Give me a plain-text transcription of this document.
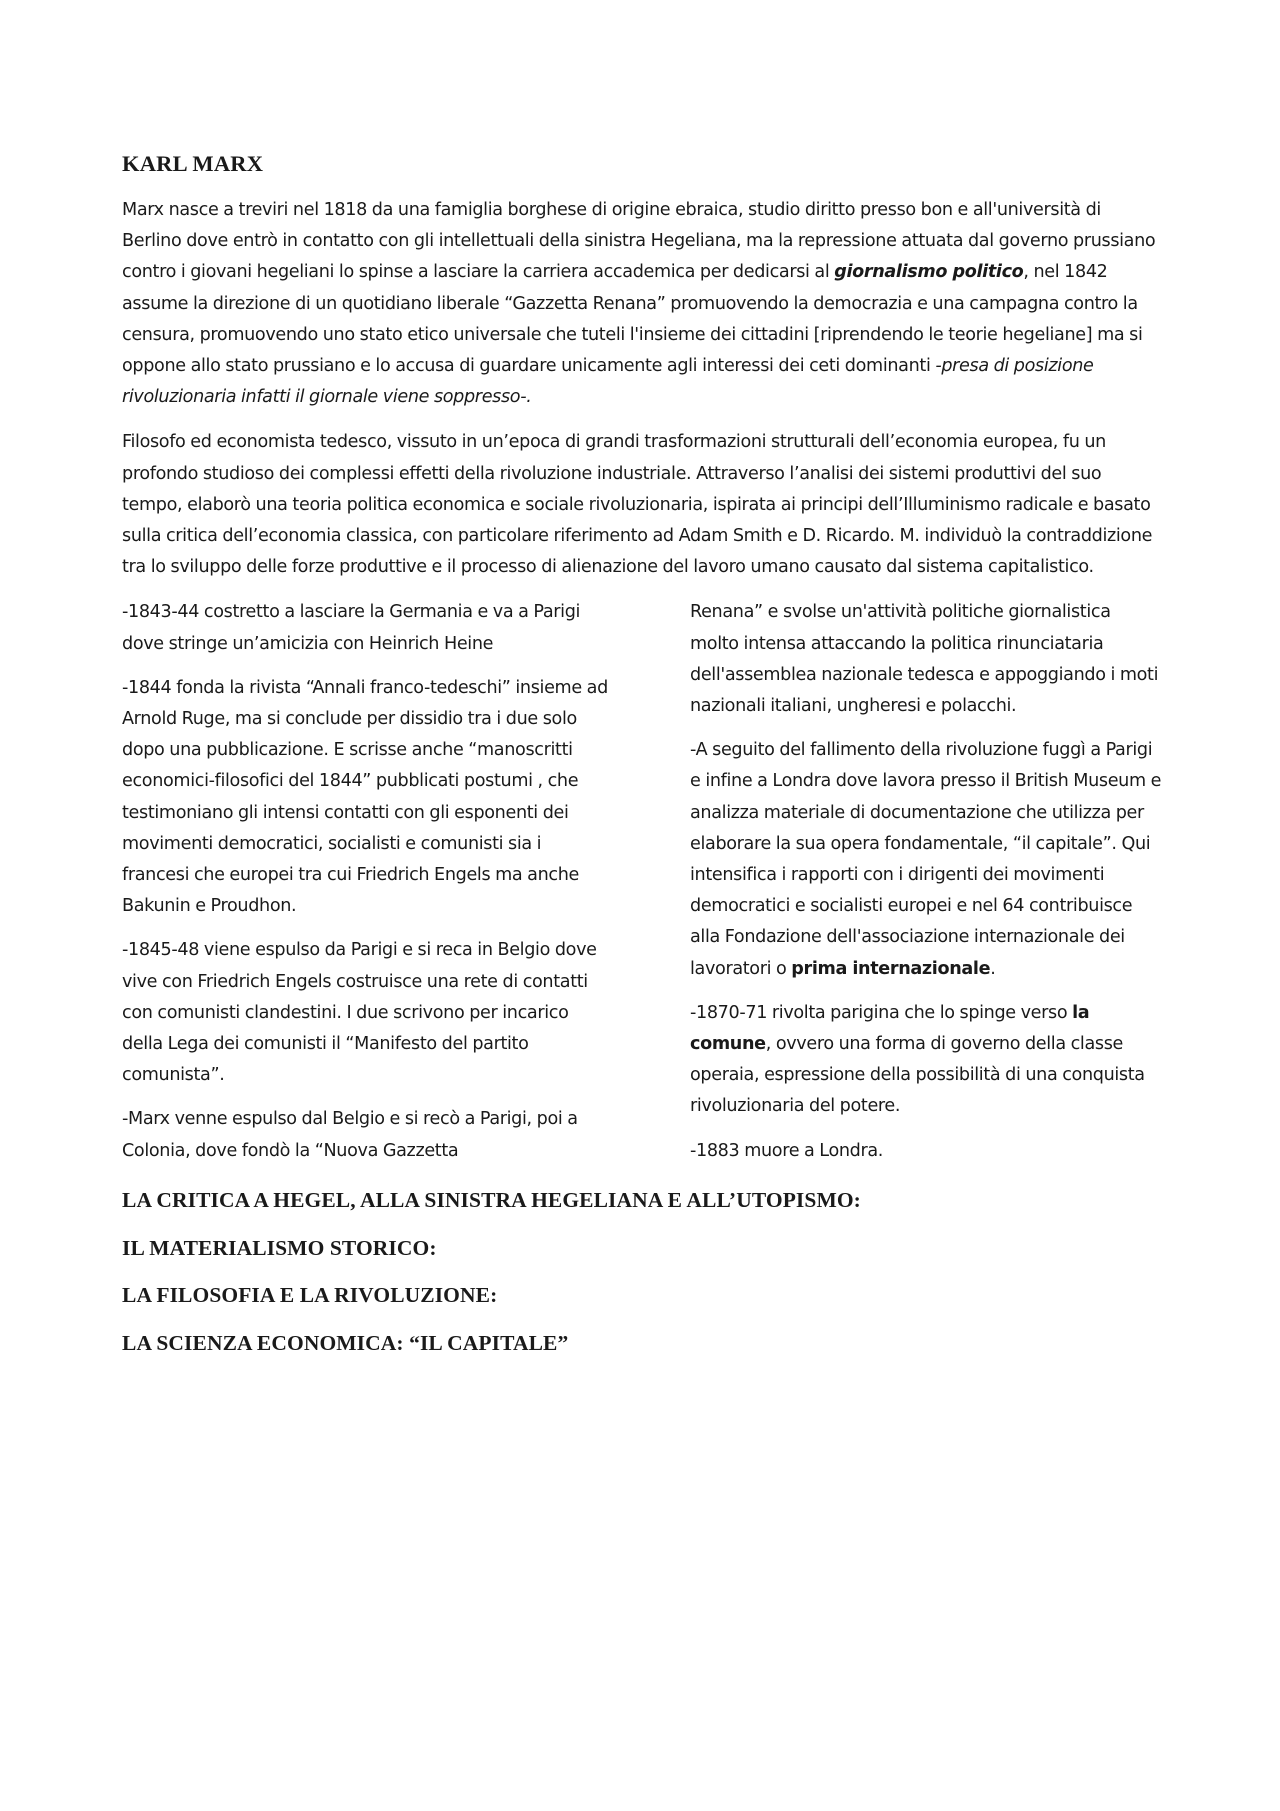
KARL MARX

Marx nasce a treviri nel 1818 da una famiglia borghese di origine ebraica, studio diritto presso bon e all'università di Berlino dove entrò in contatto con gli intellettuali della sinistra Hegeliana, ma la repressione attuata dal governo prussiano contro i giovani hegeliani lo spinse a lasciare la carriera accademica per dedicarsi al giornalismo politico, nel 1842 assume la direzione di un quotidiano liberale “Gazzetta Renana” promuovendo la democrazia e una campagna contro la censura, promuovendo uno stato etico universale che tuteli l'insieme dei cittadini [riprendendo le teorie hegeliane] ma si oppone allo stato prussiano e lo accusa di guardare unicamente agli interessi dei ceti dominanti -presa di posizione rivoluzionaria infatti il giornale viene soppresso-.

Filosofo ed economista tedesco, vissuto in un’epoca di grandi trasformazioni strutturali dell’economia europea, fu un profondo studioso dei complessi effetti della rivoluzione industriale. Attraverso l’analisi dei sistemi produttivi del suo tempo, elaborò una teoria politica economica e sociale rivoluzionaria, ispirata ai principi dell’Illuminismo radicale e basato sulla critica dell’economia classica, con particolare riferimento ad Adam Smith e D. Ricardo. M. individuò la contraddizione tra lo sviluppo delle forze produttive e il processo di alienazione del lavoro umano causato dal sistema capitalistico.

-1843-44 costretto a lasciare la Germania e va a Parigi dove stringe un’amicizia con Heinrich Heine

-1844 fonda la rivista “Annali franco-tedeschi” insieme ad Arnold Ruge, ma si conclude per dissidio tra i due solo dopo una pubblicazione. E scrisse anche “manoscritti economici-filosofici del 1844” pubblicati postumi , che testimoniano gli intensi contatti con gli esponenti dei movimenti democratici, socialisti e comunisti sia i francesi che europei tra cui Friedrich Engels ma anche Bakunin e Proudhon.

-1845-48 viene espulso da Parigi e si reca in Belgio dove vive con Friedrich Engels costruisce una rete di contatti con comunisti clandestini. I due scrivono per incarico della Lega dei comunisti il “Manifesto del partito comunista”.

-Marx venne espulso dal Belgio e si recò a Parigi, poi a Colonia, dove fondò la “Nuova Gazzetta

Renana” e svolse un'attività politiche giornalistica molto intensa attaccando la politica rinunciataria dell'assemblea nazionale tedesca e appoggiando i moti nazionali italiani, ungheresi e polacchi.

-A seguito del fallimento della rivoluzione fuggì a Parigi e infine a Londra dove lavora presso il British Museum e analizza materiale di documentazione che utilizza per elaborare la sua opera fondamentale, “il capitale”. Qui intensifica i rapporti con i dirigenti dei movimenti democratici e socialisti europei e nel 64 contribuisce alla Fondazione dell'associazione internazionale dei lavoratori o prima internazionale.

-1870-71 rivolta parigina che lo spinge verso la comune, ovvero una forma di governo della classe operaia, espressione della possibilità di una conquista rivoluzionaria del potere.

-1883 muore a Londra.

LA CRITICA A HEGEL, ALLA SINISTRA HEGELIANA E ALL’UTOPISMO:
IL MATERIALISMO STORICO:
LA FILOSOFIA E LA RIVOLUZIONE:
LA SCIENZA ECONOMICA: “IL CAPITALE”
